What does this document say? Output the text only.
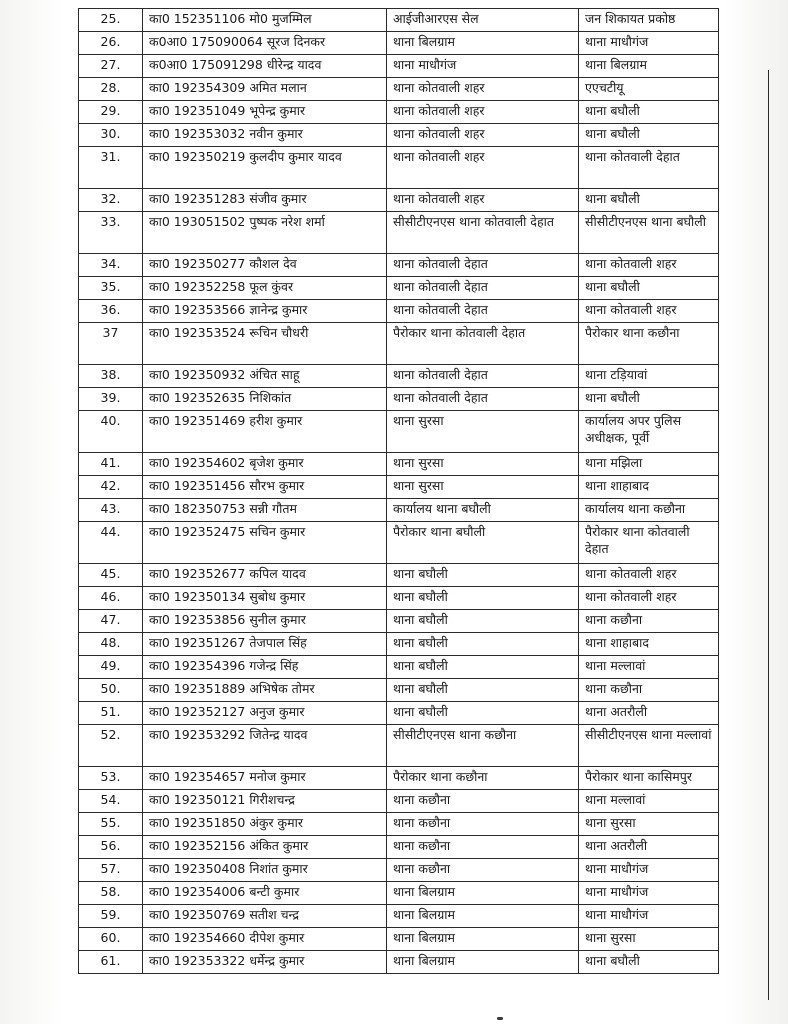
25.	का0 152351106 मो0 मुजम्मिल	आईजीआरएस सेल	जन शिकायत प्रकोष्ठ
26.	क0आ0 175090064 सूरज दिनकर	थाना बिलग्राम	थाना माधौगंज
27.	क0आ0 175091298 धीरेन्द्र यादव	थाना माधौगंज	थाना बिलग्राम
28.	का0 192354309 अमित मलान	थाना कोतवाली शहर	एएचटीयू
29.	का0 192351049 भूपेन्द्र कुमार	थाना कोतवाली शहर	थाना बघौली
30.	का0 192353032 नवीन कुमार	थाना कोतवाली शहर	थाना बघौली
31.	का0 192350219 कुलदीप कुमार यादव	थाना कोतवाली शहर	थाना कोतवाली देहात
32.	का0 192351283 संजीव कुमार	थाना कोतवाली शहर	थाना बघौली
33.	का0 193051502 पुष्पक नरेश शर्मा	सीसीटीएनएस थाना कोतवाली देहात	सीसीटीएनएस थाना बघौली
34.	का0 192350277 कौशल देव	थाना कोतवाली देहात	थाना कोतवाली शहर
35.	का0 192352258 फूल कुंवर	थाना कोतवाली देहात	थाना बघौली
36.	का0 192353566 ज्ञानेन्द्र कुमार	थाना कोतवाली देहात	थाना कोतवाली शहर
37	का0 192353524 रूचिन चौधरी	पैरोकार थाना कोतवाली देहात	पैरोकार थाना कछौना
38.	का0 192350932 अंचित साहू	थाना कोतवाली देहात	थाना टड़ियावां
39.	का0 192352635 निशिकांत	थाना कोतवाली देहात	थाना बघौली
40.	का0 192351469 हरीश कुमार	थाना सुरसा	कार्यालय अपर पुलिस अधीक्षक, पूर्वी
41.	का0 192354602 बृजेश कुमार	थाना सुरसा	थाना मझिला
42.	का0 192351456 सौरभ कुमार	थाना सुरसा	थाना शाहाबाद
43.	का0 182350753 सन्नी गौतम	कार्यालय थाना बघौली	कार्यालय थाना कछौना
44.	का0 192352475 सचिन कुमार	पैरोकार थाना बघौली	पैरोकार थाना कोतवाली देहात
45.	का0 192352677 कपिल यादव	थाना बघौली	थाना कोतवाली शहर
46.	का0 192350134 सुबोध कुमार	थाना बघौली	थाना कोतवाली शहर
47.	का0 192353856 सुनील कुमार	थाना बघौली	थाना कछौना
48.	का0 192351267 तेजपाल सिंह	थाना बघौली	थाना शाहाबाद
49.	का0 192354396 गजेन्द्र सिंह	थाना बघौली	थाना मल्लावां
50.	का0 192351889 अभिषेक तोमर	थाना बघौली	थाना कछौना
51.	का0 192352127 अनुज कुमार	थाना बघौली	थाना अतरौली
52.	का0 192353292 जितेन्द्र यादव	सीसीटीएनएस थाना कछौना	सीसीटीएनएस थाना मल्लावां
53.	का0 192354657 मनोज कुमार	पैरोकार थाना कछौना	पैरोकार थाना कासिमपुर
54.	का0 192350121 गिरीशचन्द्र	थाना कछौना	थाना मल्लावां
55.	का0 192351850 अंकुर कुमार	थाना कछौना	थाना सुरसा
56.	का0 192352156 अंकित कुमार	थाना कछौना	थाना अतरौली
57.	का0 192350408 निशांत कुमार	थाना कछौना	थाना माधौगंज
58.	का0 192354006 बन्टी कुमार	थाना बिलग्राम	थाना माधौगंज
59.	का0 192350769 सतीश चन्द्र	थाना बिलग्राम	थाना माधौगंज
60.	का0 192354660 दीपेश कुमार	थाना बिलग्राम	थाना सुरसा
61.	का0 192353322 धर्मेन्द्र कुमार	थाना बिलग्राम	थाना बघौली
